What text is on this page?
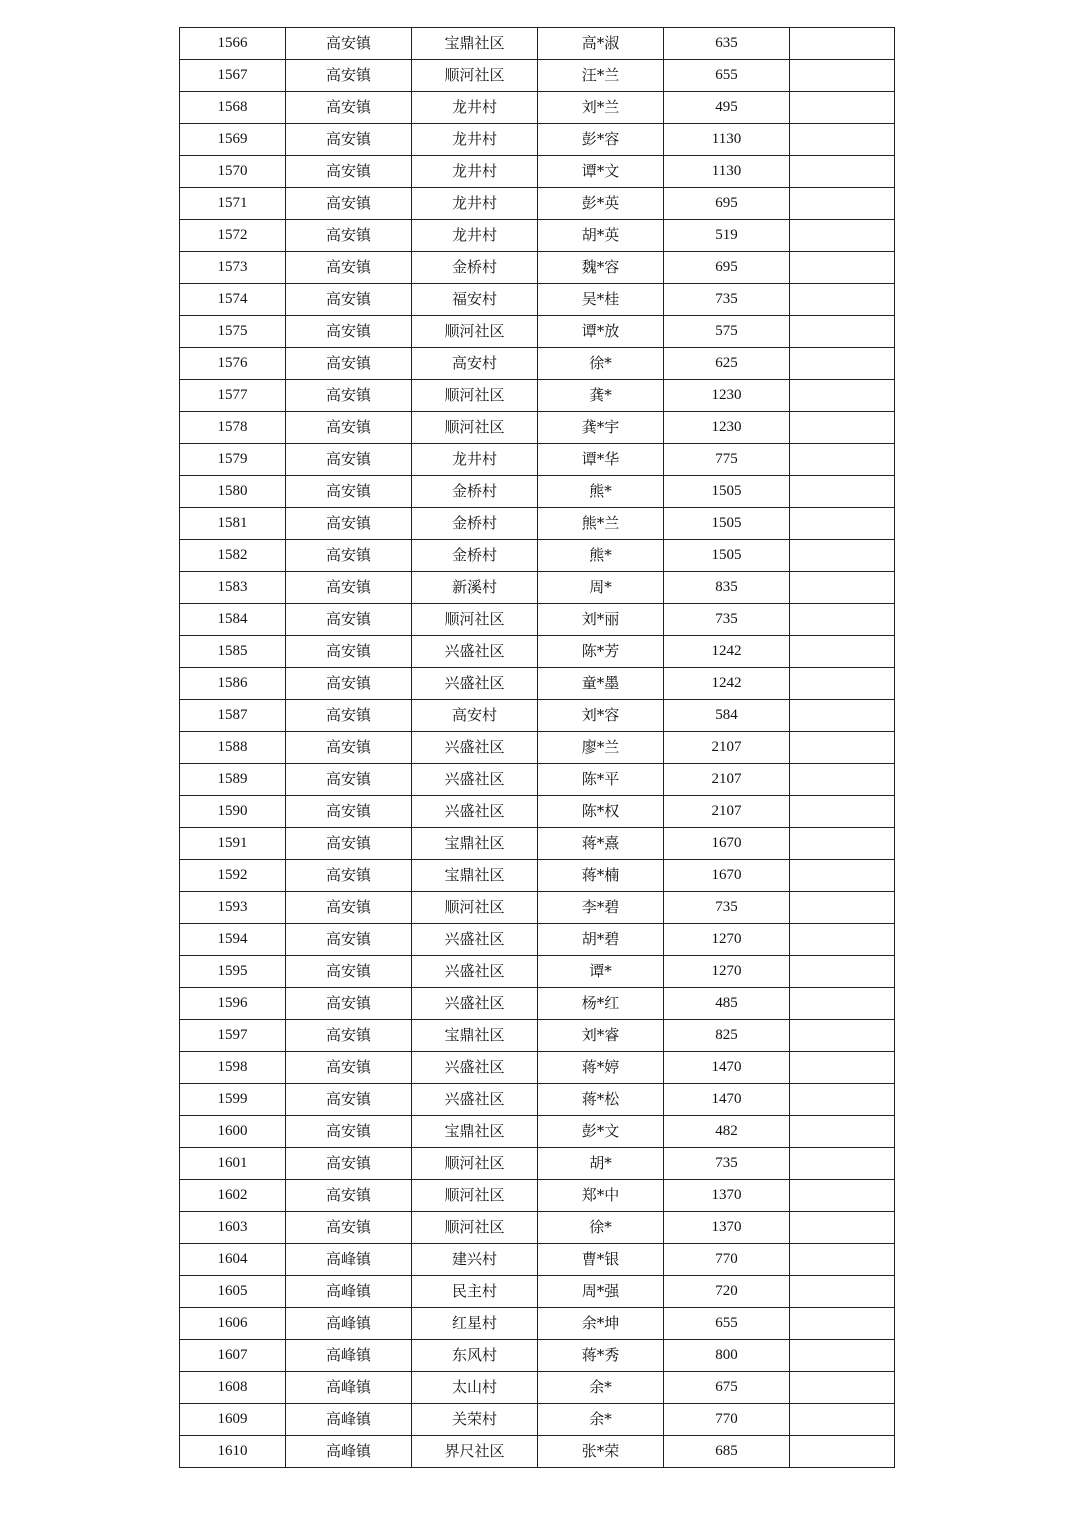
1566	高安镇	宝鼎社区	高*淑	635	
1567	高安镇	顺河社区	汪*兰	655	
1568	高安镇	龙井村	刘*兰	495	
1569	高安镇	龙井村	彭*容	1130	
1570	高安镇	龙井村	谭*文	1130	
1571	高安镇	龙井村	彭*英	695	
1572	高安镇	龙井村	胡*英	519	
1573	高安镇	金桥村	魏*容	695	
1574	高安镇	福安村	吴*桂	735	
1575	高安镇	顺河社区	谭*放	575	
1576	高安镇	高安村	徐*	625	
1577	高安镇	顺河社区	龚*	1230	
1578	高安镇	顺河社区	龚*宇	1230	
1579	高安镇	龙井村	谭*华	775	
1580	高安镇	金桥村	熊*	1505	
1581	高安镇	金桥村	熊*兰	1505	
1582	高安镇	金桥村	熊*	1505	
1583	高安镇	新溪村	周*	835	
1584	高安镇	顺河社区	刘*丽	735	
1585	高安镇	兴盛社区	陈*芳	1242	
1586	高安镇	兴盛社区	童*墨	1242	
1587	高安镇	高安村	刘*容	584	
1588	高安镇	兴盛社区	廖*兰	2107	
1589	高安镇	兴盛社区	陈*平	2107	
1590	高安镇	兴盛社区	陈*权	2107	
1591	高安镇	宝鼎社区	蒋*熹	1670	
1592	高安镇	宝鼎社区	蒋*楠	1670	
1593	高安镇	顺河社区	李*碧	735	
1594	高安镇	兴盛社区	胡*碧	1270	
1595	高安镇	兴盛社区	谭*	1270	
1596	高安镇	兴盛社区	杨*红	485	
1597	高安镇	宝鼎社区	刘*睿	825	
1598	高安镇	兴盛社区	蒋*婷	1470	
1599	高安镇	兴盛社区	蒋*松	1470	
1600	高安镇	宝鼎社区	彭*文	482	
1601	高安镇	顺河社区	胡*	735	
1602	高安镇	顺河社区	郑*中	1370	
1603	高安镇	顺河社区	徐*	1370	
1604	高峰镇	建兴村	曹*银	770	
1605	高峰镇	民主村	周*强	720	
1606	高峰镇	红星村	余*坤	655	
1607	高峰镇	东风村	蒋*秀	800	
1608	高峰镇	太山村	余*	675	
1609	高峰镇	关荣村	余*	770	
1610	高峰镇	界尺社区	张*荣	685	
